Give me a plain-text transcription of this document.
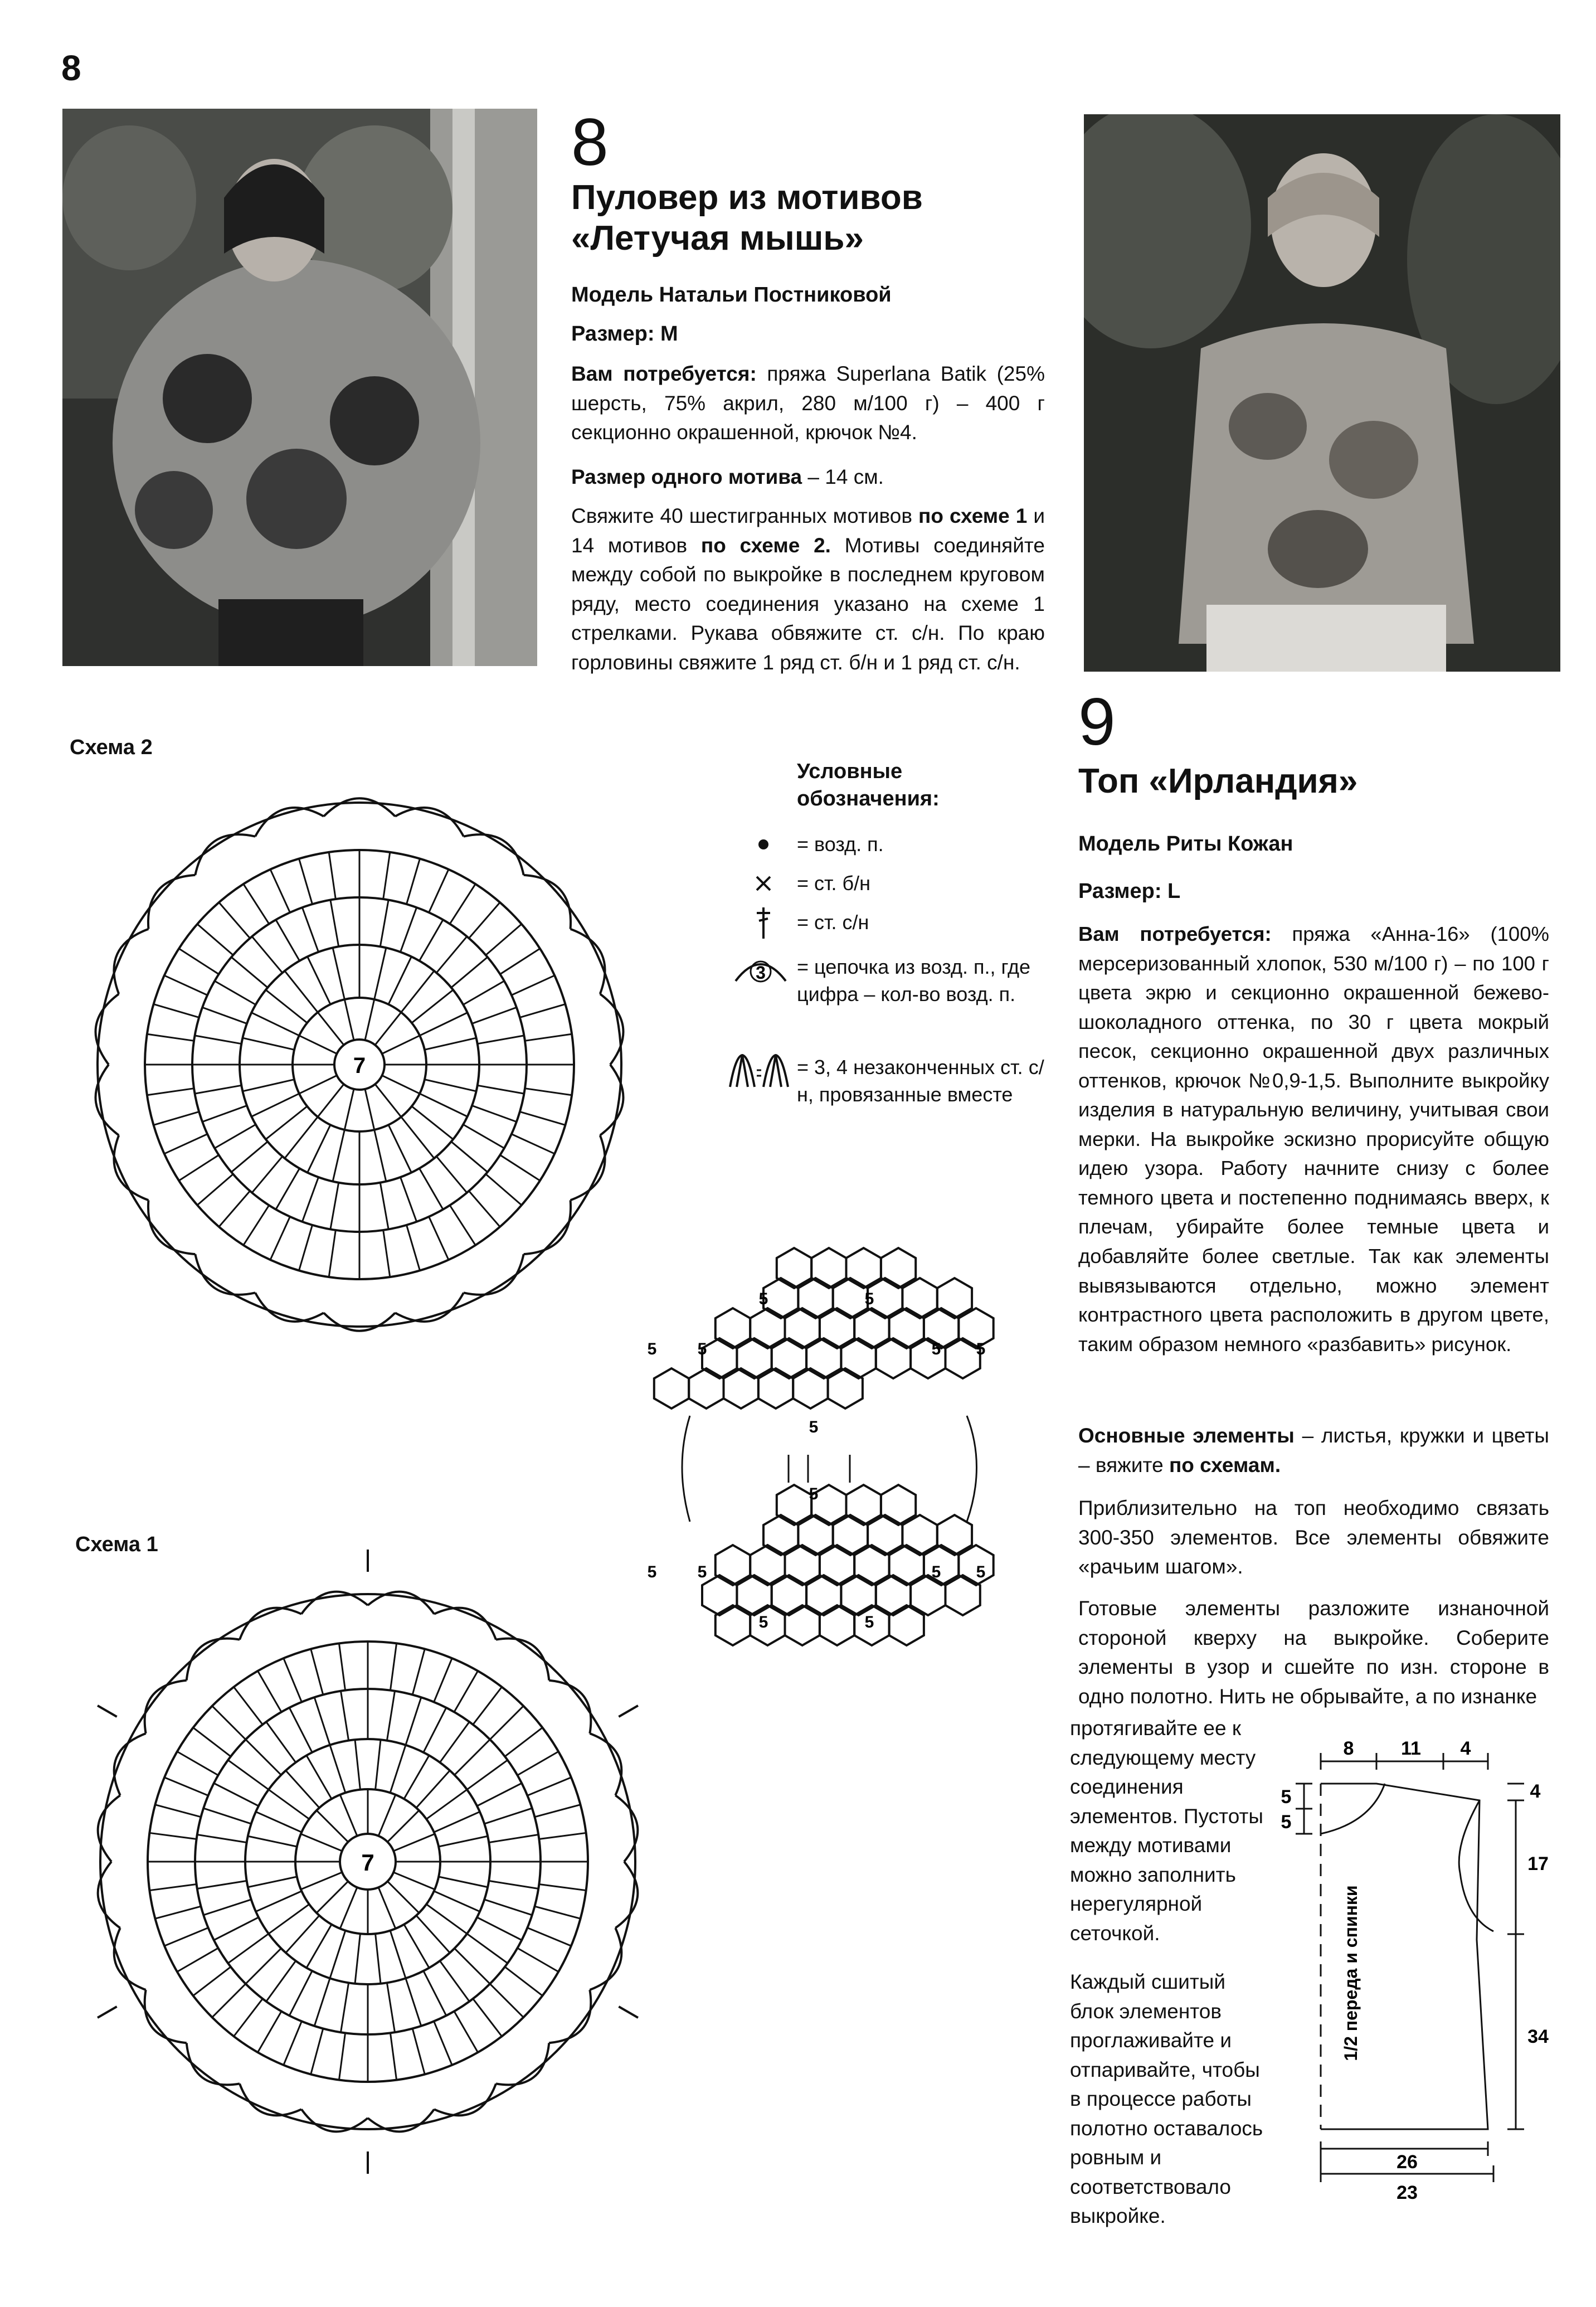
8
8
Пуловер из мотивов
«Летучая мышь»
Модель Натальи Постниковой
Размер: М
Вам потребуется: пряжа Superlana Batik (25% шерсть, 75% акрил, 280 м/100 г) – 400 г секционно окрашенной, крючок №4.
Размер одного мотива – 14 см.
Свяжите 40 шестигранных мотивов по схеме 1 и 14 мотивов по схеме 2. Мотивы соединяйте между собой по выкройке в последнем круговом ряду, место соединения указано на схеме 1 стрелками. Рукава обвяжите ст. с/н. По краю горловины свяжите 1 ряд ст. б/н и 1 ряд ст. с/н.
Схема 2
Схема 1
7
7
Условные
обозначения:
= возд. п.
= ст. б/н
= ст. с/н
3 = цепочка из возд. п., где цифра – кол-во возд. п.
= 3, 4 незаконченных ст. с/н, провязанные вместе
5	5
5 5	5 5
5
5
5 5	5 5
5	5
9
Топ «Ирландия»
Модель Риты Кожан
Размер: L
Вам потребуется: пряжа «Анна-16» (100% мерсеризованный хлопок, 530 м/100 г) – по 100 г цвета экрю и секционно окрашенной бежево-шоколадного оттенка, по 30 г цвета мокрый песок, секционно окрашенной двух различных оттенков, крючок №0,9-1,5. Выполните выкройку изделия в натуральную величину, учитывая свои мерки. На выкройке эскизно прорисуйте общую идею узора. Работу начните снизу с более темного цвета и постепенно поднимаясь вверх, к плечам, убирайте более темные цвета и добавляйте более светлые. Так как элементы вывязываются отдельно, можно элемент контрастного цвета расположить в другом цвете, таким образом немного «разбавить» рисунок.
Основные элементы – листья, кружки и цветы – вяжите по схемам.
Приблизительно на топ необходимо связать 300-350 элементов. Все элементы обвяжите «рачьим шагом».
Готовые элементы разложите изнаночной стороной кверху на выкройке. Соберите элементы в узор и сшейте по изн. стороне в одно полотно. Нить не обрывайте, а по изнанке
протягивайте ее к следующему месту соединения элементов. Пустоты между мотивами можно заполнить нерегулярной сеточкой.
Каждый сшитый блок элементов проглаживайте и отпаривайте, чтобы в процессе работы полотно оставалось ровным и соответствовало выкройке.
8 11 4
5
5
4
17
34
26
23
1/2 переда и спинки
